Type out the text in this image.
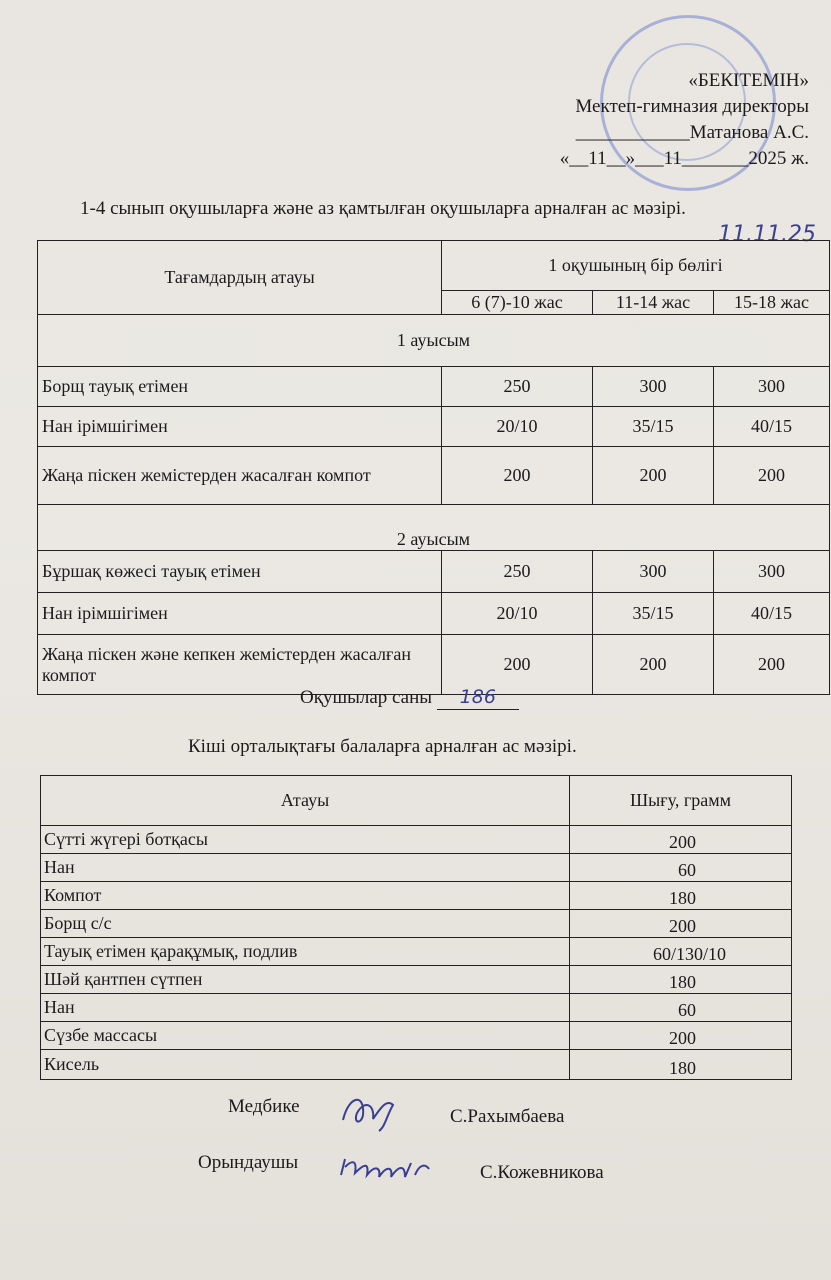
«БЕКІТЕМІН»
Мектеп-гимназия директоры
____________Матанова А.С.
«__11__»___11_______2025 ж.
1-4 сынып оқушыларға және аз қамтылған оқушыларға арналған ас мәзірі.
11.11.25
Тағамдардың атауы	1 оқушының бір бөлігі		
	6 (7)-10 жас	11-14 жас	15-18 жас
1 ауысым			
Борщ тауық етімен	250	300	300
Нан ірімшігімен	20/10	35/15	40/15
Жаңа піскен жемістерден жасалған компот	200	200	200
2 ауысым			
Бұршақ көжесі тауық етімен	250	300	300
Нан ірімшігімен	20/10	35/15	40/15
Жаңа піскен және кепкен жемістерден жасалған компот	200	200	200
Оқушылар саны 186
Кіші орталықтағы балаларға арналған ас мәзірі.
Атауы	Шығу, грамм
Сүтті жүгері ботқасы	200
Нан	60
Компот	180
Борщ с/с	200
Тауық етімен қарақұмық, подлив	60/130/10
Шәй қантпен сүтпен	180
Нан	60
Сүзбе массасы	200
Кисель	180
Медбике	С.Рахымбаева
Орындаушы	С.Кожевникова
